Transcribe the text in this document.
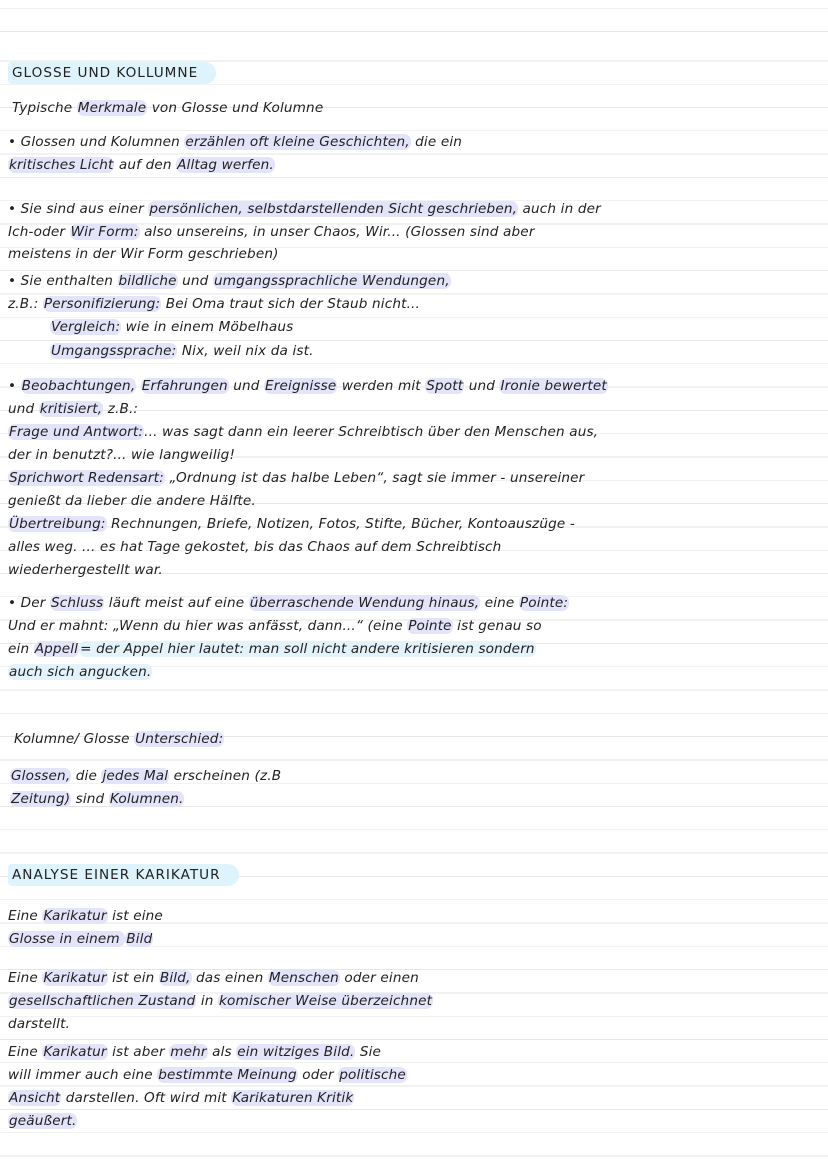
GLOSSE UND KOLLUMNE
Typische Merkmale von Glosse und Kolumne
• Glossen und Kolumnen erzählen oft kleine Geschichten, die ein
kritisches Licht auf den Alltag werfen.
• Sie sind aus einer persönlichen, selbstdarstellenden Sicht geschrieben, auch in der
Ich-oder Wir Form: also unsereins, in unser Chaos, Wir... (Glossen sind aber
meistens in der Wir Form geschrieben)
• Sie enthalten bildliche und umgangssprachliche Wendungen,
z.B.: Personifizierung: Bei Oma traut sich der Staub nicht...
Vergleich: wie in einem Möbelhaus
Umgangssprache: Nix, weil nix da ist.
• Beobachtungen, Erfahrungen und Ereignisse werden mit Spott und Ironie bewertet
und kritisiert, z.B.:
Frage und Antwort:... was sagt dann ein leerer Schreibtisch über den Menschen aus,
der in benutzt?... wie langweilig!
Sprichwort Redensart: „Ordnung ist das halbe Leben“, sagt sie immer - unsereiner
genießt da lieber die andere Hälfte.
Übertreibung: Rechnungen, Briefe, Notizen, Fotos, Stifte, Bücher, Kontoauszüge -
alles weg. ... es hat Tage gekostet, bis das Chaos auf dem Schreibtisch
wiederhergestellt war.
• Der Schluss läuft meist auf eine überraschende Wendung hinaus, eine Pointe:
Und er mahnt: „Wenn du hier was anfässt, dann...“ (eine Pointe ist genau so
ein Appell = der Appel hier lautet: man soll nicht andere kritisieren sondern
auch sich angucken.
Kolumne/ Glosse Unterschied:
Glossen, die jedes Mal erscheinen (z.B
Zeitung) sind Kolumnen.
ANALYSE EINER KARIKATUR
Eine Karikatur ist eine
Glosse in einem Bild
Eine Karikatur ist ein Bild, das einen Menschen oder einen
gesellschaftlichen Zustand in komischer Weise überzeichnet
darstellt.
Eine Karikatur ist aber mehr als ein witziges Bild. Sie
will immer auch eine bestimmte Meinung oder politische
Ansicht darstellen. Oft wird mit Karikaturen Kritik
geäußert.
